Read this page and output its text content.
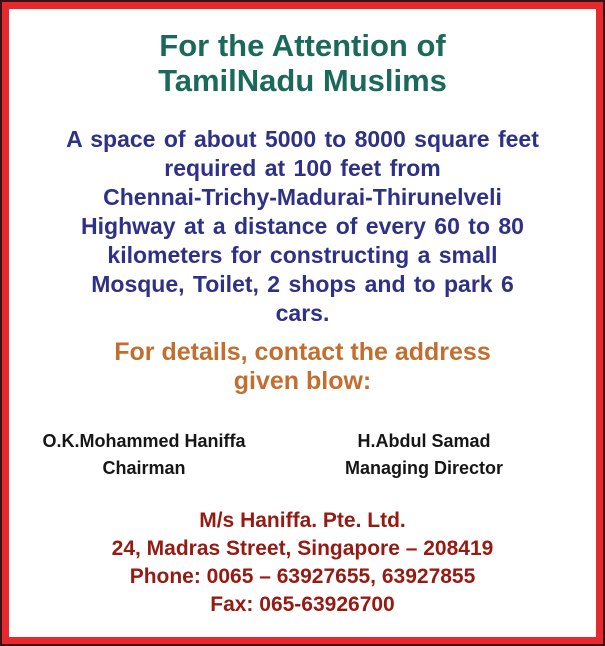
For the Attention of
TamilNadu Muslims
A space of about 5000 to 8000 square feet
required at 100 feet from
Chennai-Trichy-Madurai-Thirunelveli
Highway at a distance of every 60 to 80
kilometers for constructing a small
Mosque, Toilet, 2 shops and to park 6
cars.
For details, contact the address
given blow:
O.K.Mohammed Haniffa
Chairman
H.Abdul Samad
Managing Director
M/s Haniffa. Pte. Ltd.
24, Madras Street, Singapore – 208419
Phone: 0065 – 63927655, 63927855
Fax: 065-63926700
